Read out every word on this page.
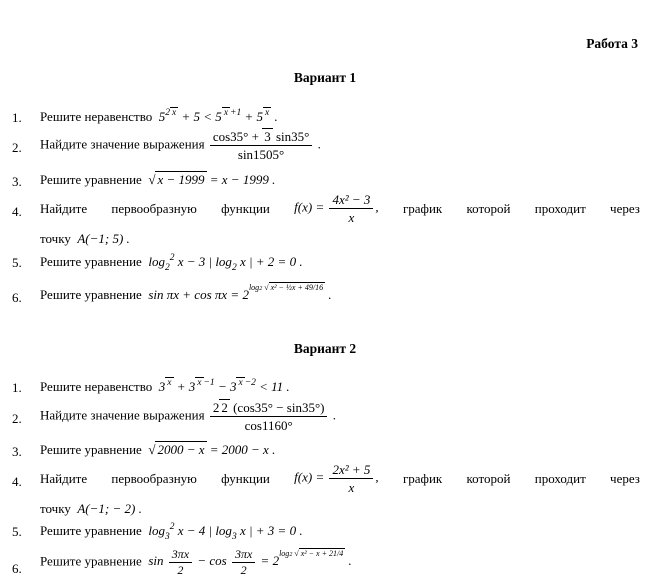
Работа 3
Вариант 1
1. Решите неравенство $5^{2 x} + 5 < 5$ $^{x +1}$ + 5 $^x$ .
2. Найдите значение выражения $\frac{\cos 35^\circ + 3 \sin 35^\circ}{\sin 1505^\circ}$ .
3. Решите уравнение √ x − 1999 = x − 1999 .
4. Найдите первообразную функции $f(x) = \frac{\text{4x² − 3}}{x}$ , график которой проходит через
точку A(−1; 5) .
5. Решите уравнение $\log_2^2 x - 3$ | $\log_2 x$ | + 2 = 0 .
6. Решите уравнение $\sin \pi x + \cos \pi x = 2^{log2 √ x^2 - \frac{1}{2}x + 49/16}$ .
Вариант 2
1. Решите неравенство 3 $^x$ + 3 $^{x -1}$ − 3 $^{x -2}$ < 11 .
2. Найдите значение выражения $\frac{2 2 (\cos 35^\circ - \sin 35^\circ)}{\cos 1160^\circ}$ .
3. Решите уравнение √ 2000 − x = 2000 − x .
4. Найдите первообразную функции $f(x) = \frac{\text{2x² + 5}}{x}$ , график которой проходит через
точку A(−1; − 2) .
5. Решите уравнение $\log_3^2 x - 4$ | $\log_3 x$ | + 3 = 0 .
6.
Решите уравнение $\sin \frac{3\pi x}{2} - \cos \frac{3\pi x}{2} = 2^{log2 √ x^2 - x + 21/4}$ .
